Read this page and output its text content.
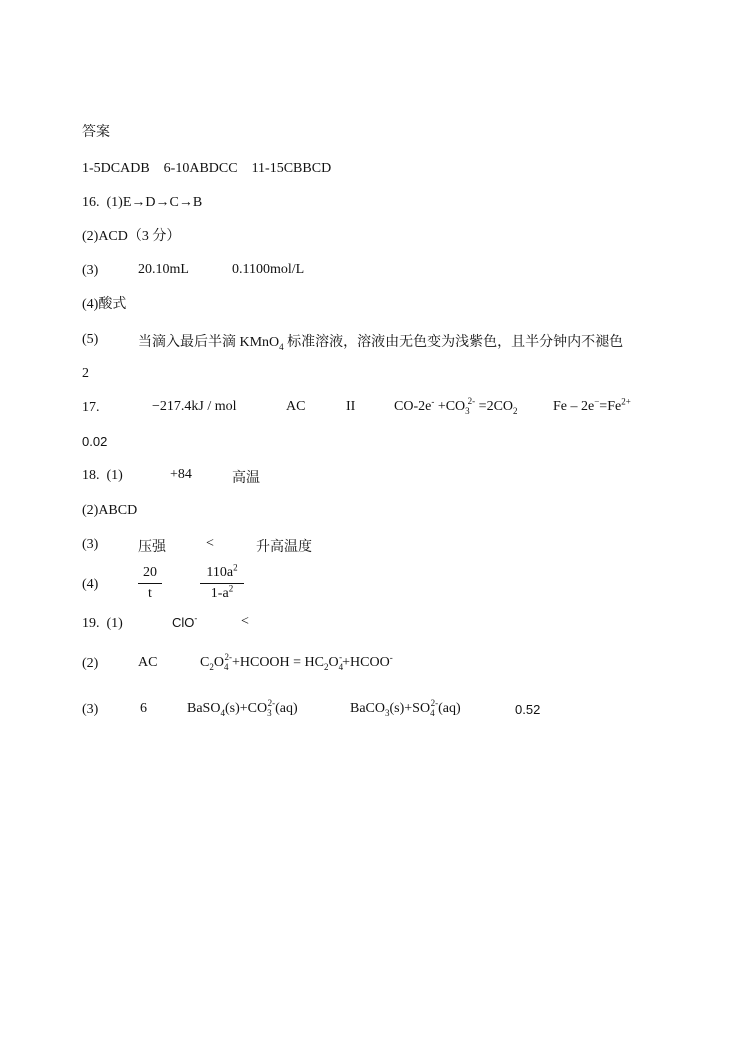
答案
1-5DCADB 6-10ABDCC 11-15CBBCD
16. (1)E→D→C→B
(2)ACD（3 分）
(3)	20.10mL	0.1100mol/L
(4)酸式
(5)	当滴入最后半滴 KMnO$_4$ 标准溶液，溶液由无色变为浅紫色，且半分钟内不褪色
2
17.	−217.4kJ / mol	AC	II	$CO-2e^- +CO_3^{2-} =2CO_2$	$Fe - 2e^-=Fe^{2+}$
0.02
18. (1)	+84	高温
(2)ABCD
(3)	压强	<	升高温度
(4)	$\frac{20}{t}$	$\frac{110a^2}{1-a^2}$
19. (1)	ClO-	<
(2)	AC	$C_2O_4^{2-}+HCOOH$ = $HC_2O_4^-+HCOO^-$
(3)	6	$BaSO_4(s)+CO_3^{2-}(aq)$	$BaCO_3(s)+SO_4^{2-}(aq)$	0.52
